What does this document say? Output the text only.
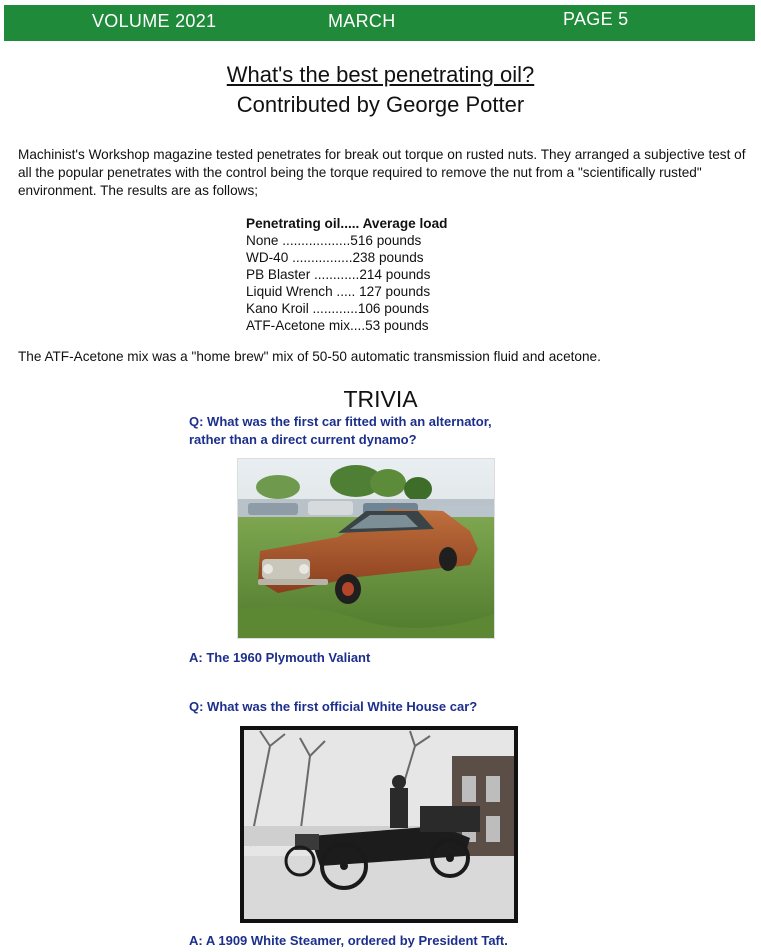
VOLUME 2021	MARCH	PAGE 5
What's the best penetrating oil?
Contributed by George Potter
Machinist's Workshop magazine tested penetrates for break out torque on rusted nuts. They arranged a subjective test of all the popular penetrates with the control being the torque required to remove the nut from a "scientifically rusted" environment. The results are as follows;
Penetrating oil..... Average load
None ..................516 pounds
WD-40 ................238 pounds
PB Blaster ............214 pounds
Liquid Wrench ..... 127 pounds
Kano Kroil ............106 pounds
ATF-Acetone mix....53 pounds
The ATF-Acetone mix was a "home brew" mix of 50-50 automatic transmission fluid and acetone.
TRIVIA
Q: What was the first car fitted with an alternator, rather than a direct current dynamo?
A: The 1960 Plymouth Valiant
Q: What was the first official White House car?
A: A 1909 White Steamer, ordered by President Taft.
